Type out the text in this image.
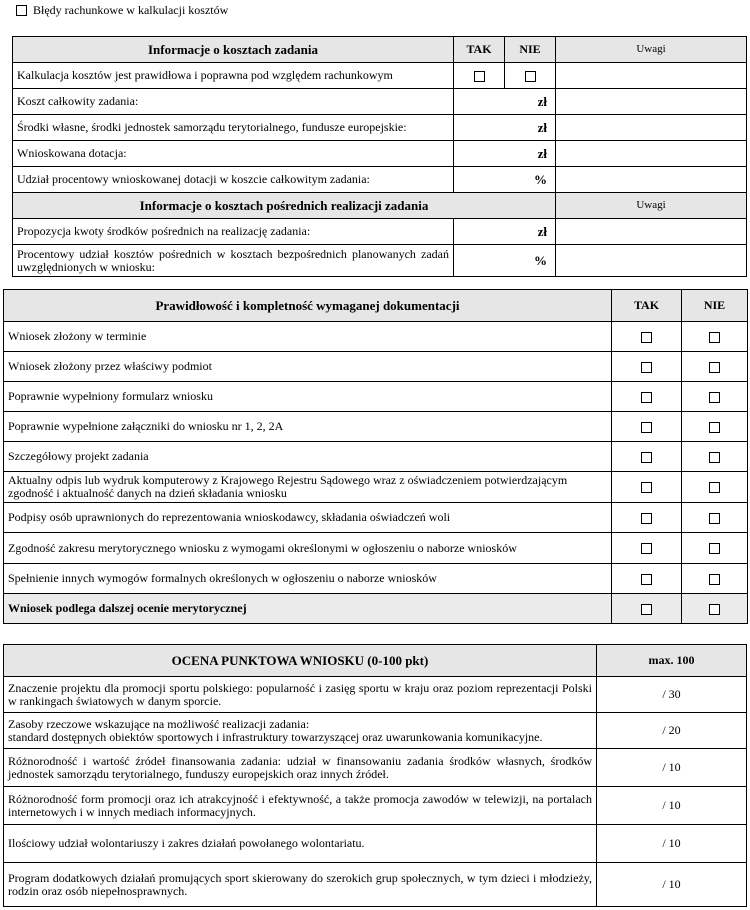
Błędy rachunkowe w kalkulacji kosztów
Informacje o kosztach zadania	TAK	NIE	Uwagi
Kalkulacja kosztów jest prawidłowa i poprawna pod względem rachunkowym			
Koszt całkowity zadania:	zł		
Środki własne, środki jednostek samorządu terytorialnego, fundusze europejskie:	zł		
Wnioskowana dotacja:	zł		
Udział procentowy wnioskowanej dotacji w koszcie całkowitym zadania:	%		
Informacje o kosztach pośrednich realizacji zadania			Uwagi
Propozycja kwoty środków pośrednich na realizację zadania:	zł		
Procentowy udział kosztów pośrednich w kosztach bezpośrednich planowanych zadań uwzględnionych w wniosku:	%		
Prawidłowość i kompletność wymaganej dokumentacji	TAK	NIE
Wniosek złożony w terminie		
Wniosek złożony przez właściwy podmiot		
Poprawnie wypełniony formularz wniosku		
Poprawnie wypełnione załączniki do wniosku nr 1, 2, 2A		
Szczegółowy projekt zadania		
Aktualny odpis lub wydruk komputerowy z Krajowego Rejestru Sądowego wraz z oświadczeniem potwierdzającym zgodność i aktualność danych na dzień składania wniosku		
Podpisy osób uprawnionych do reprezentowania wnioskodawcy, składania oświadczeń woli		
Zgodność zakresu merytorycznego wniosku z wymogami określonymi w ogłoszeniu o naborze wniosków		
Spełnienie innych wymogów formalnych określonych w ogłoszeniu o naborze wniosków		
Wniosek podlega dalszej ocenie merytorycznej		
OCENA PUNKTOWA WNIOSKU (0-100 pkt)	max. 100
Znaczenie projektu dla promocji sportu polskiego: popularność i zasięg sportu w kraju oraz poziom reprezentacji Polski w rankingach światowych w danym sporcie.	/ 30

Zasoby rzeczowe wskazujące na możliwość realizacji zadania:
standard dostępnych obiektów sportowych i infrastruktury towarzyszącej oraz uwarunkowania komunikacyjne.	/ 20
Różnorodność i wartość źródeł finansowania zadania: udział w finansowaniu zadania środków własnych, środków jednostek samorządu terytorialnego, funduszy europejskich oraz innych źródeł.	/ 10
Różnorodność form promocji oraz ich atrakcyjność i efektywność, a także promocja zawodów w telewizji, na portalach internetowych i w innych mediach informacyjnych.	/ 10
Ilościowy udział wolontariuszy i zakres działań powołanego wolontariatu.	/ 10
Program dodatkowych działań promujących sport skierowany do szerokich grup społecznych, w tym dzieci i młodzieży, rodzin oraz osób niepełnosprawnych.	/ 10
